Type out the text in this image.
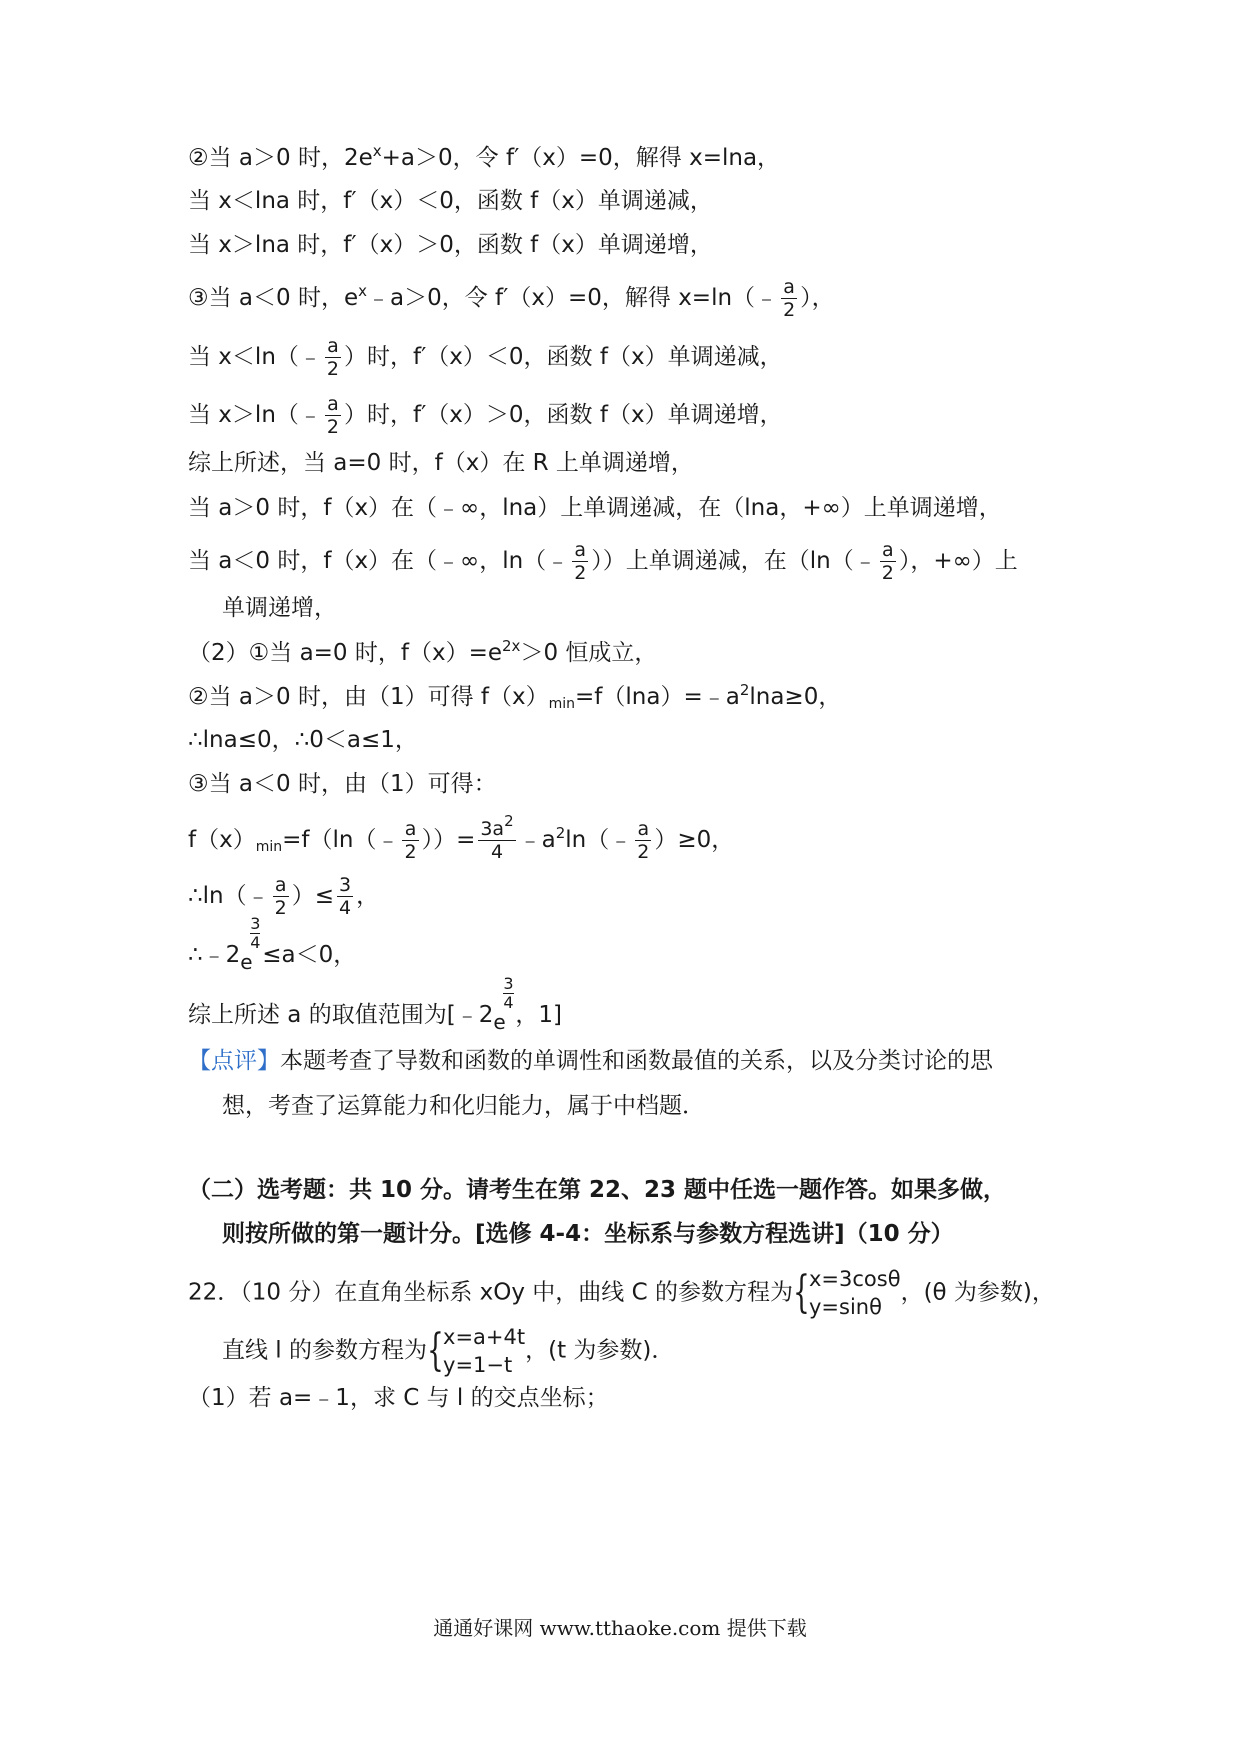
②当 a＞0 时，$2e^x+a>0$，令 f′（x）=0，解得 x=lna，
当 x＜lna 时，f′（x）＜0，函数 f（x）单调递减，
当 x＞lna 时，f′（x）＞0，函数 f（x）单调递增，
③当 a＜0 时，$e^x﹣a>0$，令 f′（x）=0，解得 x=ln（﹣ $\frac{a}{2}$ ），
当 x＜ln（﹣ $\frac{a}{2}$ ）时，f′（x）＜0，函数 f（x）单调递减，
当 x＞ln（﹣ $\frac{a}{2}$ ）时，f′（x）＞0，函数 f（x）单调递增，
综上所述，当 a=0 时，f（x）在 R 上单调递增，
当 a＞0 时，f（x）在（﹣∞，lna）上单调递减，在（lna，+∞）上单调递增，
当 a＜0 时，f（x）在（﹣∞，ln（﹣ $\frac{a}{2}$ ））上单调递减，在（ln（﹣ $\frac{a}{2}$ ），+∞）上
单调递增，
（2）①当 a=0 时，$f(x)=e^{2x}>0$ 恒成立，
②当 a＞0 时，由（1）可得 $f(x)_{min}=f(\ln a)=﹣a^2\ln a\ge 0$，
∴lna≤0，∴0＜a≤1，
③当 a＜0 时，由（1）可得：
$f(x)_{min}=f(\ln(﹣ \frac{a}{2}$ ））= $\frac{3a^2}{4}$ $﹣a^2\ln(﹣ \frac{a}{2} )\ge 0$，
∴ln（﹣ $\frac{a}{2}$ ）≤ $\frac{3}{4}$ ，
∴﹣2 e
3
4 ≤a＜0，
综上所述 a 的取值范围为[﹣2 e
3
4 ，1]
【点评】本题考查了导数和函数的单调性和函数最值的关系，以及分类讨论的思
想，考查了运算能力和化归能力，属于中档题．
（二）选考题：共 10 分。请考生在第 22、23 题中任选一题作答。如果多做，
则按所做的第一题计分。[选修 4-4：坐标系与参数方程选讲]（10 分）
22．（10 分）在直角坐标系 xOy 中，曲线 C 的参数方程为 { x=3cosθ
y=sinθ
，(θ 为参数)，
直线 l 的参数方程为 { x=a+4t
y=1−t
，(t 为参数)．
（1）若 a=﹣1，求 C 与 l 的交点坐标；
通通好课网 www.tthaoke.com 提供下载
